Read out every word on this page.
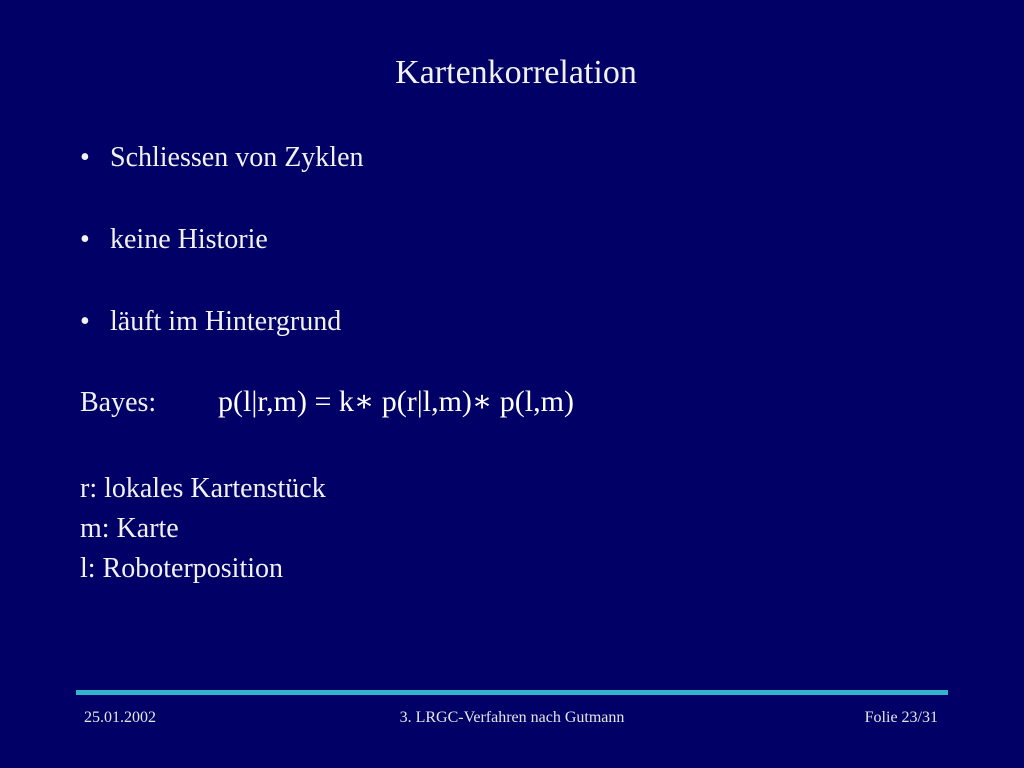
Kartenkorrelation
• Schliessen von Zyklen
• keine Historie
• läuft im Hintergrund
Bayes: p(l|r,m) = k∗ p(r|l,m)∗ p(l,m)
r: lokales Kartenstück
m: Karte
l: Roboterposition
25.01.2002	3. LRGC-Verfahren nach Gutmann	Folie 23/31
